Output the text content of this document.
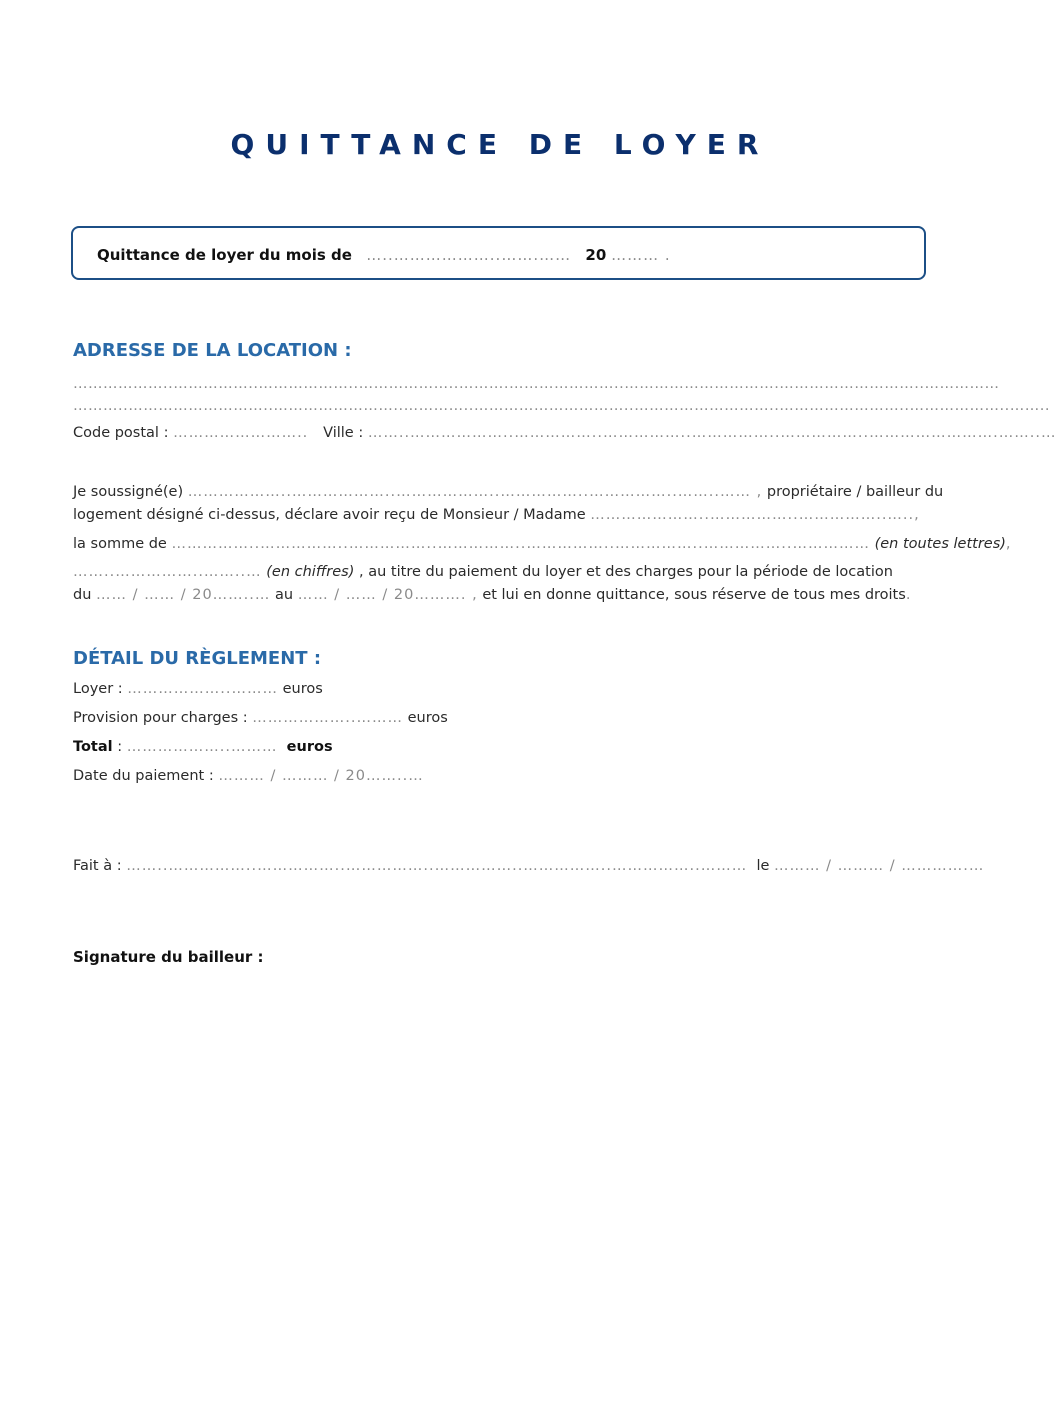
QUITTANCE DE LOYER
Quittance de loyer du mois de …..………………..…….…… 20 ……… .
ADRESSE DE LA LOCATION :
………………..……………..………………..………………..……….…………………..………………………….………………………..……………
………..………………………..……………………..…………..…………………………..………………………..……………………..………………..……..
Code postal : ……………………..   Ville : ……..………………..……………..……………..……………..……………..…………………….……..…
Je soussigné(e) ………………..………………..………………..……………..……………..……..…… , propriétaire / bailleur du
logement désigné ci-dessus, déclare avoir reçu de Monsieur / Madame …………………..……………..……………..…..,
la somme de ……………..……………..……………..……………..……………..……………..……………..…………… (en toutes lettres),
……..……………..……..… (en chiffres) , au titre du paiement du loyer et des charges pour la période de location
du …… / …… / 20……..… au …… / …… / 20………. , et lui en donne quittance, sous réserve de tous mes droits.
DÉTAIL DU RÈGLEMENT :
Loyer : ………………..……… euros
Provision pour charges : ………………..……… euros
Total : ………………..……… euros
Date du paiement : ……… / ……… / 20……..…
Fait à : ……..……………..……………..……………..……………..……………..……………..……… le ……… / ……… / ………….…
Signature du bailleur :
